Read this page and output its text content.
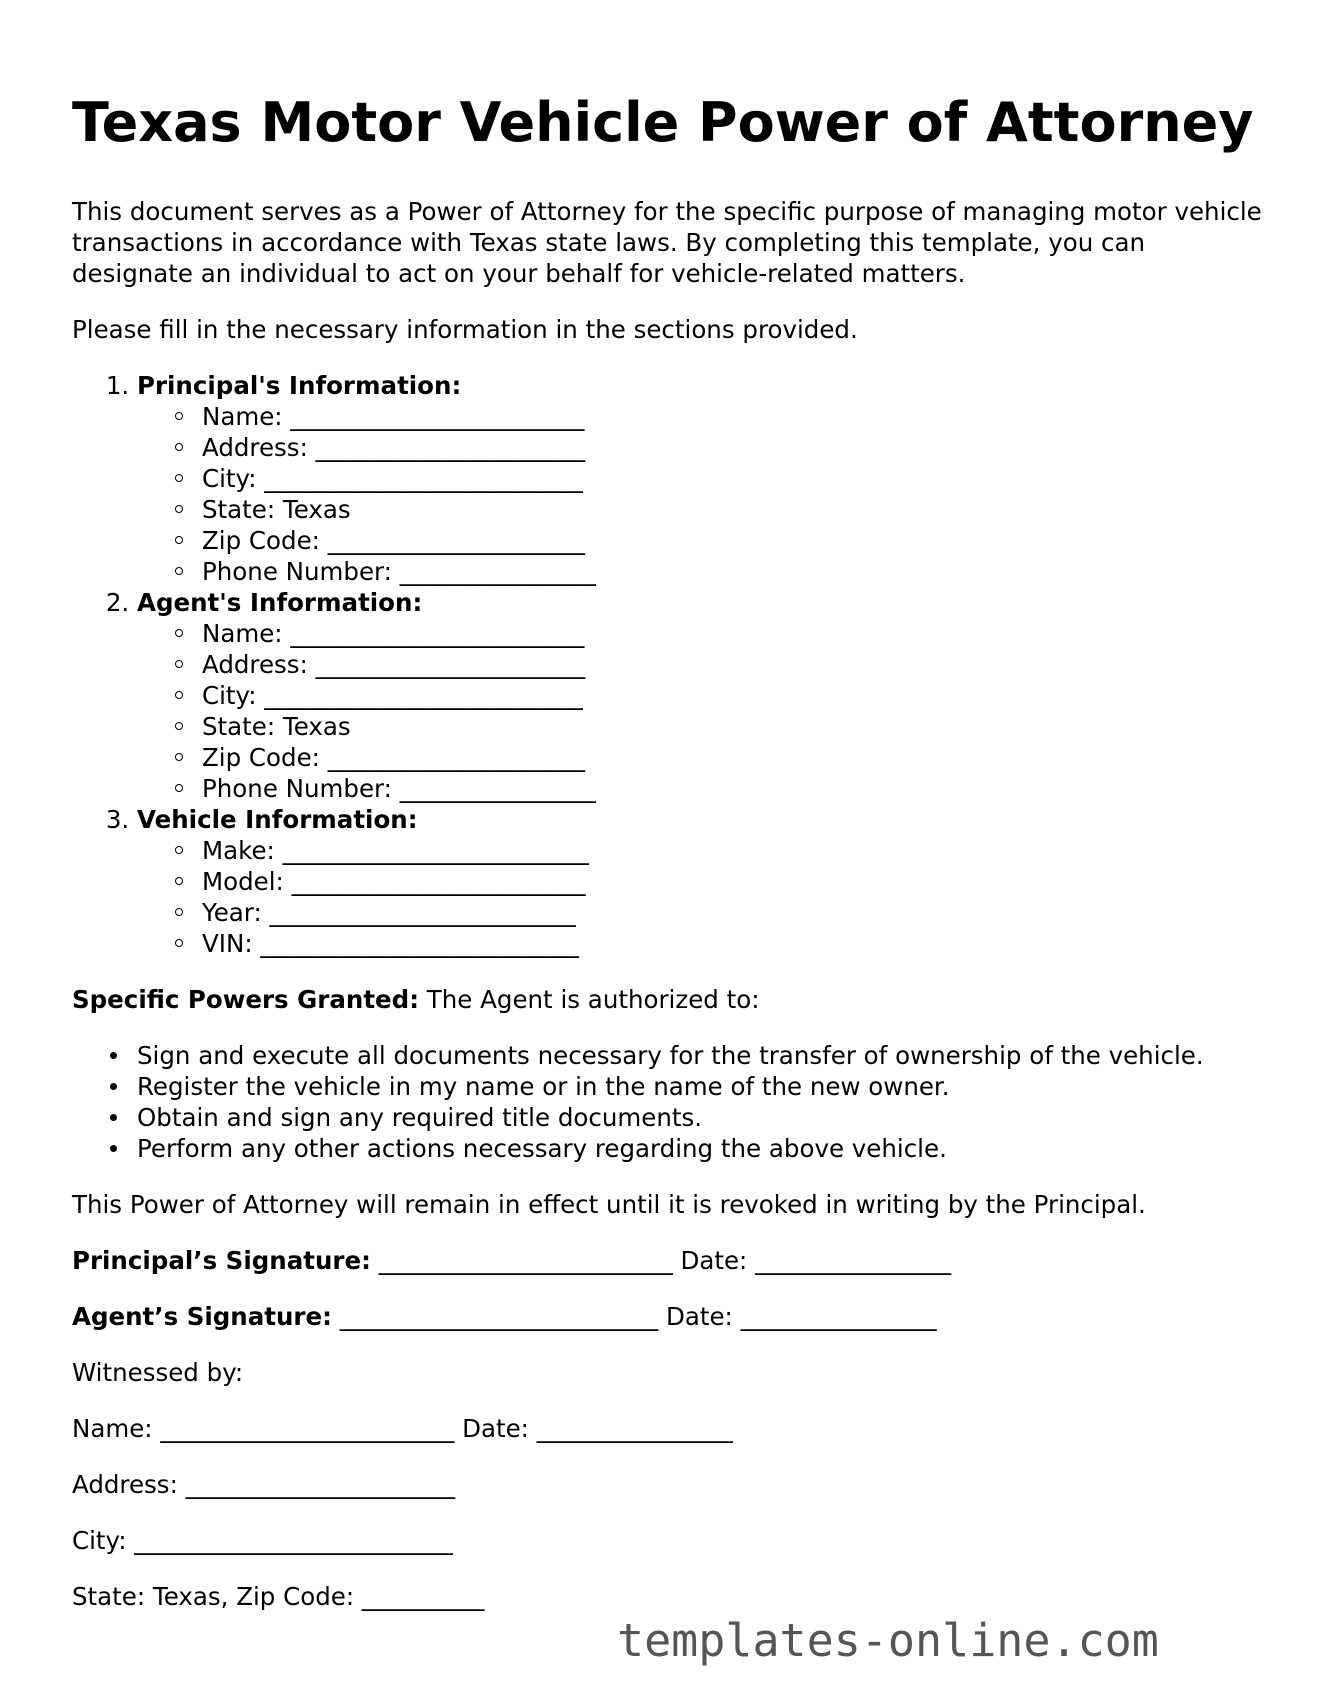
Texas Motor Vehicle Power of Attorney

This document serves as a Power of Attorney for the specific purpose of managing motor vehicle transactions in accordance with Texas state laws. By completing this template, you can designate an individual to act on your behalf for vehicle-related matters.

Please fill in the necessary information in the sections provided.

1. Principal's Information:
Name: ________________________
Address: ______________________
City: __________________________
State: Texas
Zip Code: _____________________
Phone Number: ________________
2. Agent's Information:
Name: ________________________
Address: ______________________
City: __________________________
State: Texas
Zip Code: _____________________
Phone Number: ________________
3. Vehicle Information:
Make: _________________________
Model: ________________________
Year: _________________________
VIN: __________________________

Specific Powers Granted: The Agent is authorized to:

Sign and execute all documents necessary for the transfer of ownership of the vehicle.
Register the vehicle in my name or in the name of the new owner.
Obtain and sign any required title documents.
Perform any other actions necessary regarding the above vehicle.

This Power of Attorney will remain in effect until it is revoked in writing by the Principal.

Principal’s Signature: ________________________ Date: ________________

Agent’s Signature: __________________________ Date: ________________

Witnessed by:

Name: ________________________ Date: ________________

Address: ______________________

City: __________________________

State: Texas, Zip Code: __________

templates-online.com
